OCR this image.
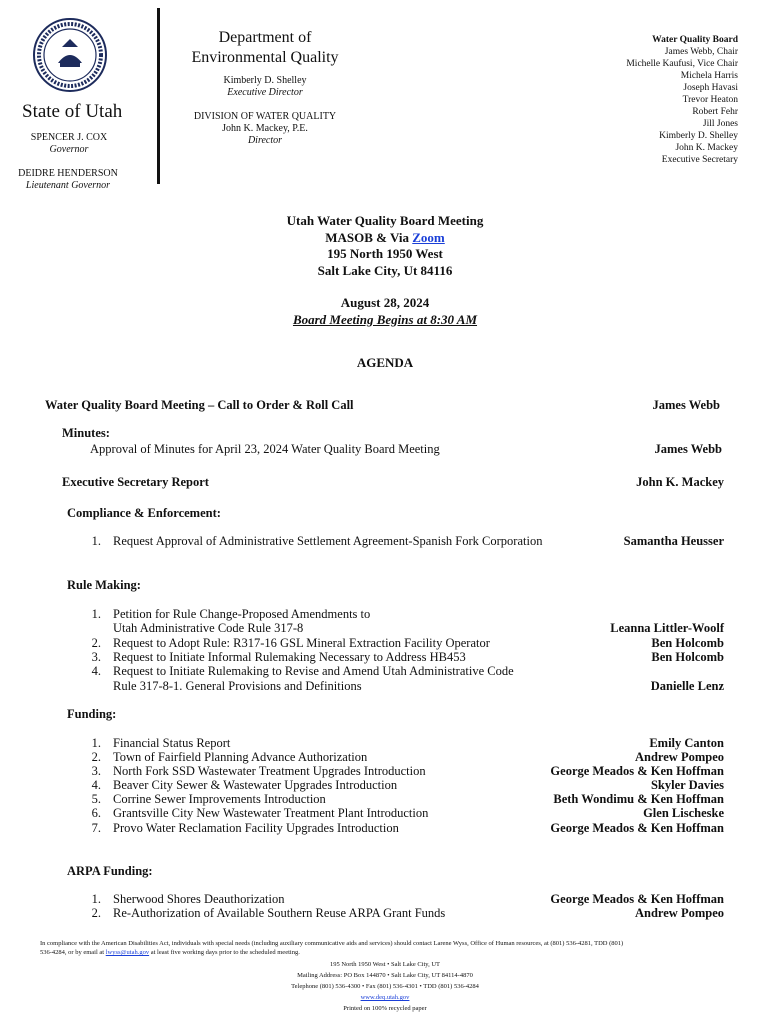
State of Utah
SPENCER J. COX
Governor
DEIDRE HENDERSON
Lieutenant Governor
Department of
Environmental Quality
Kimberly D. Shelley
Executive Director
DIVISION OF WATER QUALITY
John K. Mackey, P.E.
Director
Water Quality Board
James Webb, Chair
Michelle Kaufusi, Vice Chair
Michela Harris
Joseph Havasi
Trevor Heaton
Robert Fehr
Jill Jones
Kimberly D. Shelley
John K. Mackey
Executive Secretary
Utah Water Quality Board Meeting
MASOB & Via Zoom
195 North 1950 West
Salt Lake City, Ut 84116
August 28, 2024
Board Meeting Begins at 8:30 AM
AGENDA
Water Quality Board Meeting – Call to Order & Roll Call	James Webb
Minutes:
Approval of Minutes for April 23, 2024 Water Quality Board Meeting	James Webb
Executive Secretary Report	John K. Mackey
Compliance & Enforcement:
1. Request Approval of Administrative Settlement Agreement-Spanish Fork Corporation	Samantha Heusser
Rule Making:
1. Petition for Rule Change-Proposed Amendments to
Utah Administrative Code Rule 317-8	Leanna Littler-Woolf
2. Request to Adopt Rule: R317-16 GSL Mineral Extraction Facility Operator	Ben Holcomb
3. Request to Initiate Informal Rulemaking Necessary to Address HB453	Ben Holcomb
4. Request to Initiate Rulemaking to Revise and Amend Utah Administrative Code
Rule 317-8-1. General Provisions and Definitions	Danielle Lenz
Funding:
1. Financial Status Report	Emily Canton
2. Town of Fairfield Planning Advance Authorization	Andrew Pompeo
3. North Fork SSD Wastewater Treatment Upgrades Introduction	George Meados & Ken Hoffman
4. Beaver City Sewer & Wastewater Upgrades Introduction	Skyler Davies
5. Corrine Sewer Improvements Introduction	Beth Wondimu & Ken Hoffman
6. Grantsville City New Wastewater Treatment Plant Introduction	Glen Lischeske
7. Provo Water Reclamation Facility Upgrades Introduction	George Meados & Ken Hoffman
ARPA Funding:
1. Sherwood Shores Deauthorization	George Meados & Ken Hoffman
2. Re-Authorization of Available Southern Reuse ARPA Grant Funds	Andrew Pompeo
In compliance with the American Disabilities Act, individuals with special needs (including auxiliary communicative aids and services) should contact Larene Wyss, Office of Human resources, at (801) 536-4281, TDD (801)
536-4284, or by email at lwyss@utah.gov at least five working days prior to the scheduled meeting.
195 North 1950 West • Salt Lake City, UT
Mailing Address: PO Box 144870 • Salt Lake City, UT 84114-4870
Telephone (801) 536-4300 • Fax (801) 536-4301 • TDD (801) 536-4284
www.deq.utah.gov
Printed on 100% recycled paper
